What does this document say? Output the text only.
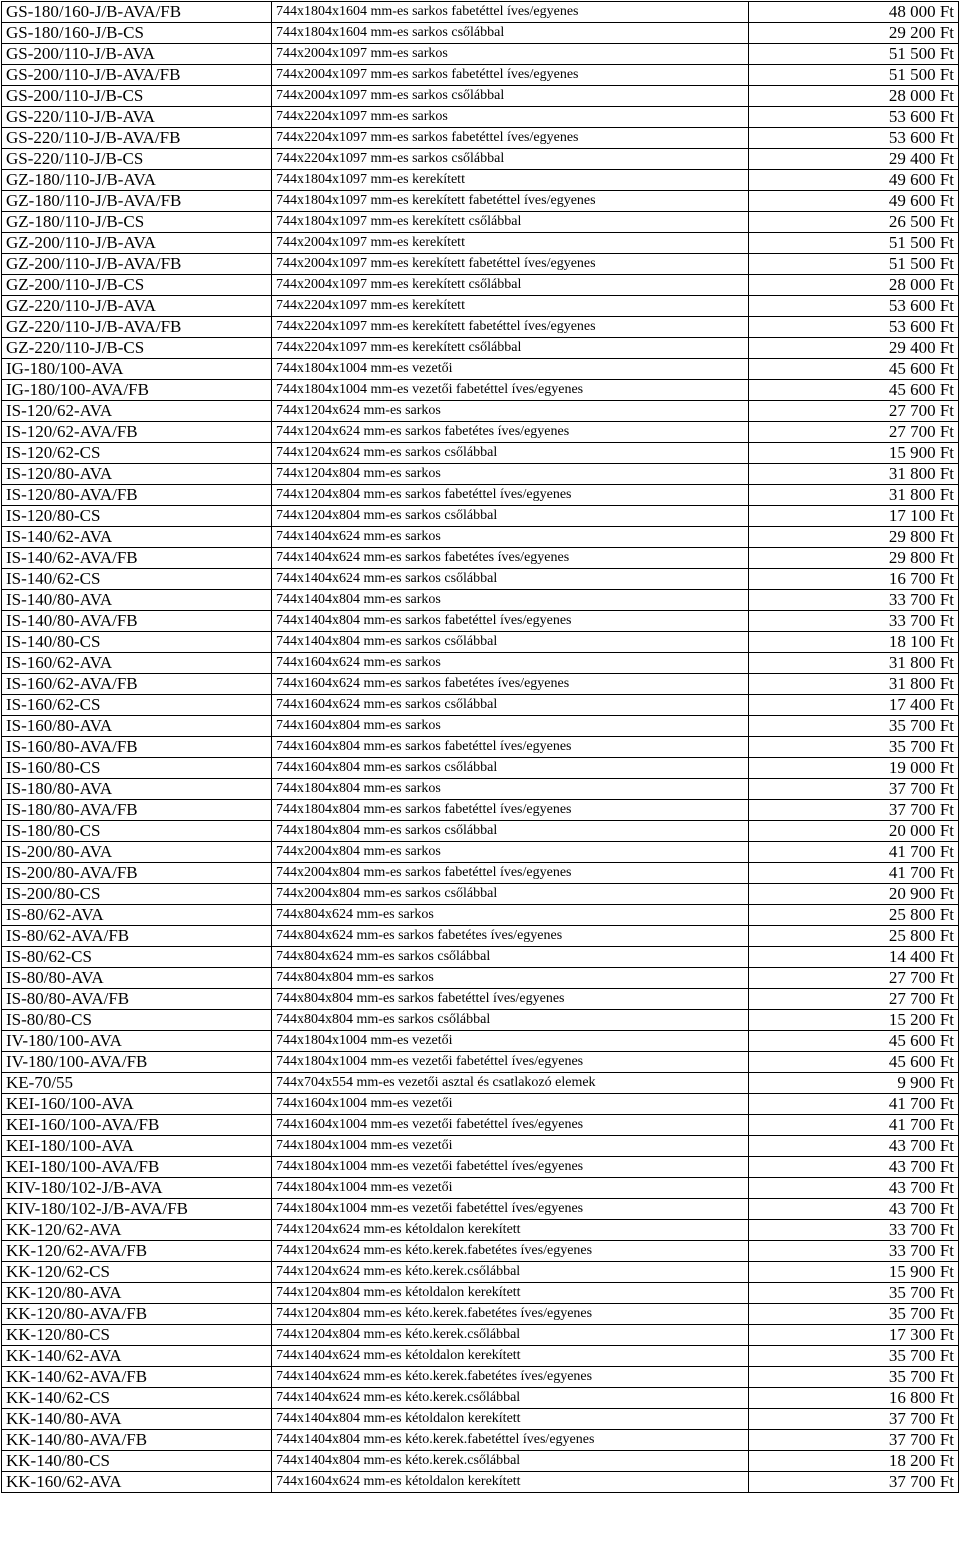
GS-180/160-J/B-AVA/FB	744x1804x1604 mm-es sarkos fabetéttel íves/egyenes	48 000 Ft
GS-180/160-J/B-CS	744x1804x1604 mm-es sarkos csőlábbal	29 200 Ft
GS-200/110-J/B-AVA	744x2004x1097 mm-es sarkos	51 500 Ft
GS-200/110-J/B-AVA/FB	744x2004x1097 mm-es sarkos fabetéttel íves/egyenes	51 500 Ft
GS-200/110-J/B-CS	744x2004x1097 mm-es sarkos csőlábbal	28 000 Ft
GS-220/110-J/B-AVA	744x2204x1097 mm-es sarkos	53 600 Ft
GS-220/110-J/B-AVA/FB	744x2204x1097 mm-es sarkos fabetéttel íves/egyenes	53 600 Ft
GS-220/110-J/B-CS	744x2204x1097 mm-es sarkos csőlábbal	29 400 Ft
GZ-180/110-J/B-AVA	744x1804x1097 mm-es kerekített	49 600 Ft
GZ-180/110-J/B-AVA/FB	744x1804x1097 mm-es kerekített fabetéttel íves/egyenes	49 600 Ft
GZ-180/110-J/B-CS	744x1804x1097 mm-es kerekített csőlábbal	26 500 Ft
GZ-200/110-J/B-AVA	744x2004x1097 mm-es kerekített	51 500 Ft
GZ-200/110-J/B-AVA/FB	744x2004x1097 mm-es kerekített fabetéttel íves/egyenes	51 500 Ft
GZ-200/110-J/B-CS	744x2004x1097 mm-es kerekített csőlábbal	28 000 Ft
GZ-220/110-J/B-AVA	744x2204x1097 mm-es kerekített	53 600 Ft
GZ-220/110-J/B-AVA/FB	744x2204x1097 mm-es kerekített fabetéttel íves/egyenes	53 600 Ft
GZ-220/110-J/B-CS	744x2204x1097 mm-es kerekített csőlábbal	29 400 Ft
IG-180/100-AVA	744x1804x1004 mm-es vezetői	45 600 Ft
IG-180/100-AVA/FB	744x1804x1004 mm-es vezetői fabetéttel íves/egyenes	45 600 Ft
IS-120/62-AVA	744x1204x624 mm-es sarkos	27 700 Ft
IS-120/62-AVA/FB	744x1204x624 mm-es sarkos fabetétes íves/egyenes	27 700 Ft
IS-120/62-CS	744x1204x624 mm-es sarkos csőlábbal	15 900 Ft
IS-120/80-AVA	744x1204x804 mm-es sarkos	31 800 Ft
IS-120/80-AVA/FB	744x1204x804 mm-es sarkos fabetéttel íves/egyenes	31 800 Ft
IS-120/80-CS	744x1204x804 mm-es sarkos csőlábbal	17 100 Ft
IS-140/62-AVA	744x1404x624 mm-es sarkos	29 800 Ft
IS-140/62-AVA/FB	744x1404x624 mm-es sarkos fabetétes íves/egyenes	29 800 Ft
IS-140/62-CS	744x1404x624 mm-es sarkos csőlábbal	16 700 Ft
IS-140/80-AVA	744x1404x804 mm-es sarkos	33 700 Ft
IS-140/80-AVA/FB	744x1404x804 mm-es sarkos fabetéttel íves/egyenes	33 700 Ft
IS-140/80-CS	744x1404x804 mm-es sarkos csőlábbal	18 100 Ft
IS-160/62-AVA	744x1604x624 mm-es sarkos	31 800 Ft
IS-160/62-AVA/FB	744x1604x624 mm-es sarkos fabetétes íves/egyenes	31 800 Ft
IS-160/62-CS	744x1604x624 mm-es sarkos csőlábbal	17 400 Ft
IS-160/80-AVA	744x1604x804 mm-es sarkos	35 700 Ft
IS-160/80-AVA/FB	744x1604x804 mm-es sarkos fabetéttel íves/egyenes	35 700 Ft
IS-160/80-CS	744x1604x804 mm-es sarkos csőlábbal	19 000 Ft
IS-180/80-AVA	744x1804x804 mm-es sarkos	37 700 Ft
IS-180/80-AVA/FB	744x1804x804 mm-es sarkos fabetéttel íves/egyenes	37 700 Ft
IS-180/80-CS	744x1804x804 mm-es sarkos csőlábbal	20 000 Ft
IS-200/80-AVA	744x2004x804 mm-es sarkos	41 700 Ft
IS-200/80-AVA/FB	744x2004x804 mm-es sarkos fabetéttel íves/egyenes	41 700 Ft
IS-200/80-CS	744x2004x804 mm-es sarkos csőlábbal	20 900 Ft
IS-80/62-AVA	744x804x624 mm-es sarkos	25 800 Ft
IS-80/62-AVA/FB	744x804x624 mm-es sarkos fabetétes íves/egyenes	25 800 Ft
IS-80/62-CS	744x804x624 mm-es sarkos csőlábbal	14 400 Ft
IS-80/80-AVA	744x804x804 mm-es sarkos	27 700 Ft
IS-80/80-AVA/FB	744x804x804 mm-es sarkos fabetéttel íves/egyenes	27 700 Ft
IS-80/80-CS	744x804x804 mm-es sarkos csőlábbal	15 200 Ft
IV-180/100-AVA	744x1804x1004 mm-es vezetői	45 600 Ft
IV-180/100-AVA/FB	744x1804x1004 mm-es vezetői fabetéttel íves/egyenes	45 600 Ft
KE-70/55	744x704x554 mm-es vezetői asztal és csatlakozó elemek	9 900 Ft
KEI-160/100-AVA	744x1604x1004 mm-es vezetői	41 700 Ft
KEI-160/100-AVA/FB	744x1604x1004 mm-es vezetői fabetéttel íves/egyenes	41 700 Ft
KEI-180/100-AVA	744x1804x1004 mm-es vezetői	43 700 Ft
KEI-180/100-AVA/FB	744x1804x1004 mm-es vezetői fabetéttel íves/egyenes	43 700 Ft
KIV-180/102-J/B-AVA	744x1804x1004 mm-es vezetői	43 700 Ft
KIV-180/102-J/B-AVA/FB	744x1804x1004 mm-es vezetői fabetéttel íves/egyenes	43 700 Ft
KK-120/62-AVA	744x1204x624 mm-es kétoldalon kerekített	33 700 Ft
KK-120/62-AVA/FB	744x1204x624 mm-es kéto.kerek.fabetétes íves/egyenes	33 700 Ft
KK-120/62-CS	744x1204x624 mm-es kéto.kerek.csőlábbal	15 900 Ft
KK-120/80-AVA	744x1204x804 mm-es kétoldalon kerekített	35 700 Ft
KK-120/80-AVA/FB	744x1204x804 mm-es kéto.kerek.fabetétes íves/egyenes	35 700 Ft
KK-120/80-CS	744x1204x804 mm-es kéto.kerek.csőlábbal	17 300 Ft
KK-140/62-AVA	744x1404x624 mm-es kétoldalon kerekített	35 700 Ft
KK-140/62-AVA/FB	744x1404x624 mm-es kéto.kerek.fabetétes íves/egyenes	35 700 Ft
KK-140/62-CS	744x1404x624 mm-es kéto.kerek.csőlábbal	16 800 Ft
KK-140/80-AVA	744x1404x804 mm-es kétoldalon kerekített	37 700 Ft
KK-140/80-AVA/FB	744x1404x804 mm-es kéto.kerek.fabetéttel íves/egyenes	37 700 Ft
KK-140/80-CS	744x1404x804 mm-es kéto.kerek.csőlábbal	18 200 Ft
KK-160/62-AVA	744x1604x624 mm-es kétoldalon kerekített	37 700 Ft
